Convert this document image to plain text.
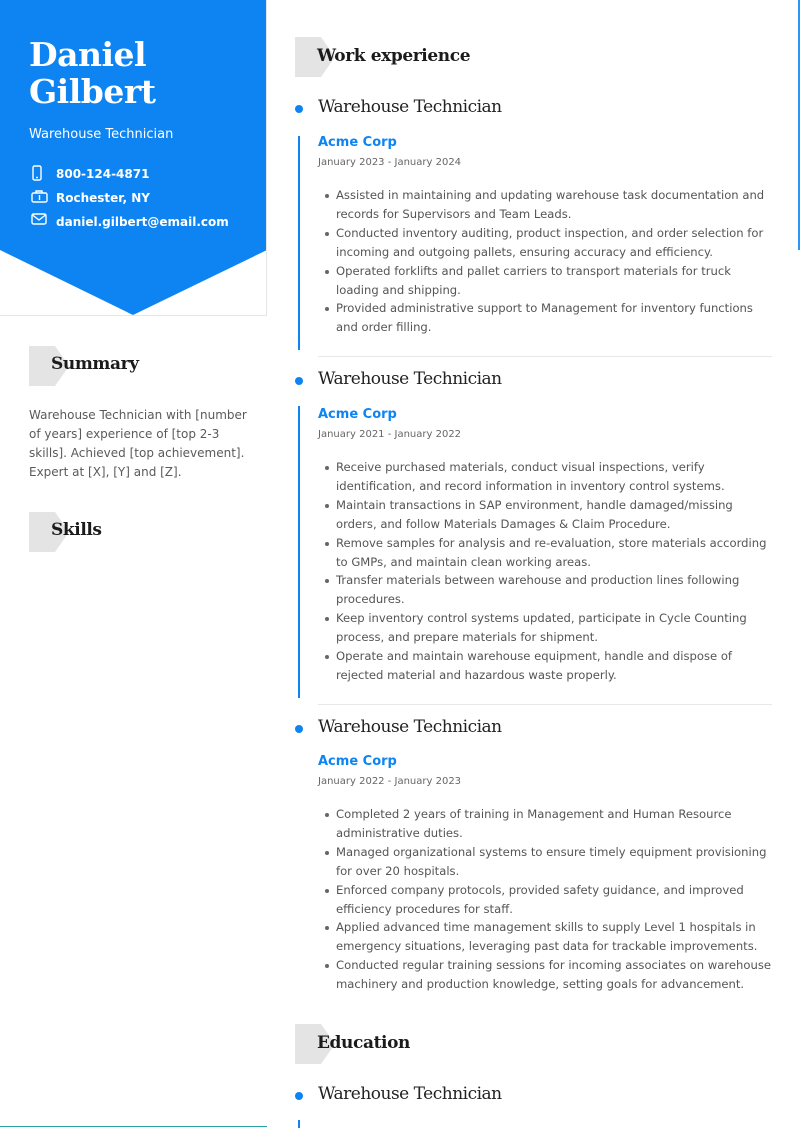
Daniel
Gilbert
Warehouse Technician
800-124-4871
Rochester, NY
daniel.gilbert@email.com
Summary
Warehouse Technician with [number of years] experience of [top 2-3 skills]. Achieved [top achievement]. Expert at [X], [Y] and [Z].
Skills
Work experience
Warehouse Technician
Acme Corp
January 2023 - January 2024
Assisted in maintaining and updating warehouse task documentation and records for Supervisors and Team Leads.
Conducted inventory auditing, product inspection, and order selection for incoming and outgoing pallets, ensuring accuracy and efficiency.
Operated forklifts and pallet carriers to transport materials for truck loading and shipping.
Provided administrative support to Management for inventory functions and order filling.
Warehouse Technician
Acme Corp
January 2021 - January 2022
Receive purchased materials, conduct visual inspections, verify identification, and record information in inventory control systems.
Maintain transactions in SAP environment, handle damaged/missing orders, and follow Materials Damages & Claim Procedure.
Remove samples for analysis and re-evaluation, store materials according to GMPs, and maintain clean working areas.
Transfer materials between warehouse and production lines following procedures.
Keep inventory control systems updated, participate in Cycle Counting process, and prepare materials for shipment.
Operate and maintain warehouse equipment, handle and dispose of rejected material and hazardous waste properly.
Warehouse Technician
Acme Corp
January 2022 - January 2023
Completed 2 years of training in Management and Human Resource administrative duties.
Managed organizational systems to ensure timely equipment provisioning for over 20 hospitals.
Enforced company protocols, provided safety guidance, and improved efficiency procedures for staff.
Applied advanced time management skills to supply Level 1 hospitals in emergency situations, leveraging past data for trackable improvements.
Conducted regular training sessions for incoming associates on warehouse machinery and production knowledge, setting goals for advancement.
Education
Warehouse Technician
